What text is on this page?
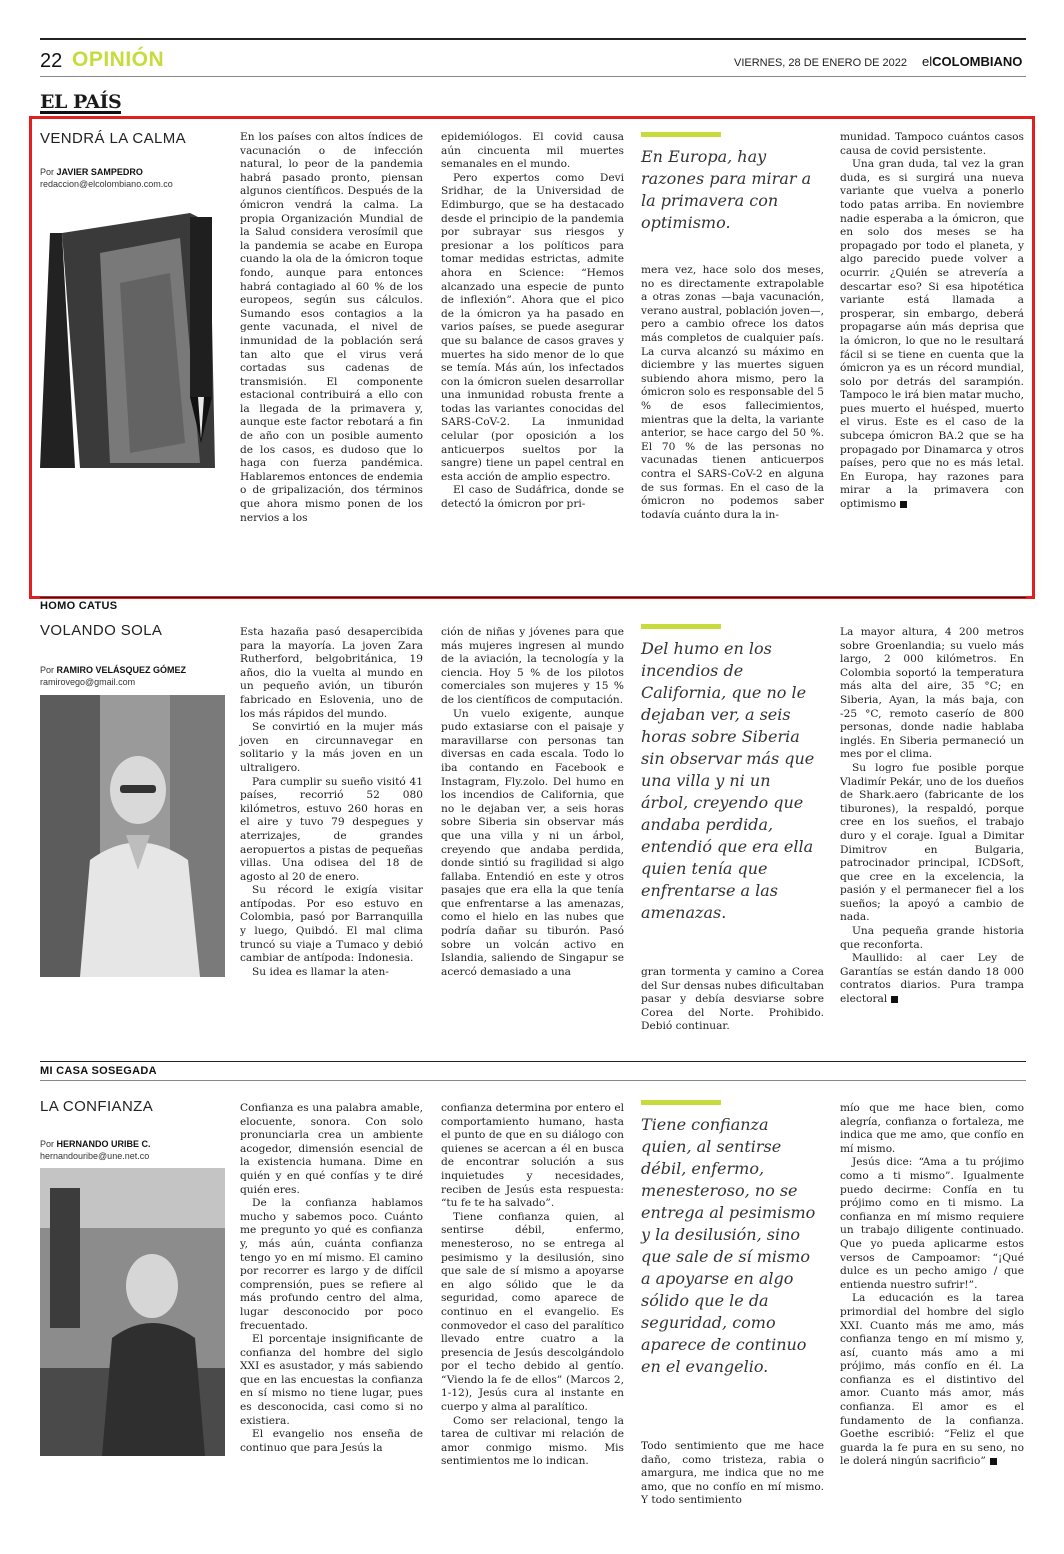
22 OPINIÓN	VIERNES, 28 DE ENERO DE 2022 elCOLOMBIANO
EL PAÍS
VENDRÁ LA CALMA
Por JAVIER SAMPEDRO
redaccion@elcolombiano.com.co

En los países con altos índices de vacunación o de infección natural, lo peor de la pandemia habrá pasado pronto, piensan algunos científicos. Después de la ómicron vendrá la calma. La propia Organización Mundial de la Salud considera verosímil que la pandemia se acabe en Europa cuando la ola de la ómicron toque fondo, aunque para entonces habrá contagiado al 60 % de los europeos, según sus cálculos. Sumando esos contagios a la gente vacunada, el nivel de inmunidad de la población será tan alto que el virus verá cortadas sus cadenas de transmisión. El componente estacional contribuirá a ello con la llegada de la primavera y, aunque este factor rebotará a fin de año con un posible aumento de los casos, es dudoso que lo haga con fuerza pandémica. Hablaremos entonces de endemia o de gripalización, dos términos que ahora mismo ponen de los nervios a los

epidemiólogos. El covid causa aún cincuenta mil muertes semanales en el mundo.

Pero expertos como Devi Sridhar, de la Universidad de Edimburgo, que se ha destacado desde el principio de la pandemia por subrayar sus riesgos y presionar a los políticos para tomar medidas estrictas, admite ahora en Science: “Hemos alcanzado una especie de punto de inflexión”. Ahora que el pico de la ómicron ya ha pasado en varios países, se puede asegurar que su balance de casos graves y muertes ha sido menor de lo que se temía. Más aún, los infectados con la ómicron suelen desarrollar una inmunidad robusta frente a todas las variantes conocidas del SARS-CoV-2. La inmunidad celular (por oposición a los anticuerpos sueltos por la sangre) tiene un papel central en esta acción de amplio espectro.

El caso de Sudáfrica, donde se detectó la ómicron por pri-

En Europa, hay razones para mirar a la primavera con optimismo.

mera vez, hace solo dos meses, no es directamente extrapolable a otras zonas —baja vacunación, verano austral, población joven—, pero a cambio ofrece los datos más completos de cualquier país. La curva alcanzó su máximo en diciembre y las muertes siguen subiendo ahora mismo, pero la ómicron solo es responsable del 5 % de esos fallecimientos, mientras que la delta, la variante anterior, se hace cargo del 50 %. El 70 % de las personas no vacunadas tienen anticuerpos contra el SARS-CoV-2 en alguna de sus formas. En el caso de la ómicron no podemos saber todavía cuánto dura la in-

munidad. Tampoco cuántos casos causa de covid persistente.

Una gran duda, tal vez la gran duda, es si surgirá una nueva variante que vuelva a ponerlo todo patas arriba. En noviembre nadie esperaba a la ómicron, que en solo dos meses se ha propagado por todo el planeta, y algo parecido puede volver a ocurrir. ¿Quién se atrevería a descartar eso? Si esa hipotética variante está llamada a prosperar, sin embargo, deberá propagarse aún más deprisa que la ómicron, lo que no le resultará fácil si se tiene en cuenta que la ómicron ya es un récord mundial, solo por detrás del sarampión. Tampoco le irá bien matar mucho, pues muerto el huésped, muerto el virus. Este es el caso de la subcepa ómicron BA.2 que se ha propagado por Dinamarca y otros países, pero que no es más letal. En Europa, hay razones para mirar a la primavera con optimismo

HOMO CATUS
VOLANDO SOLA
Por RAMIRO VELÁSQUEZ GÓMEZ
ramirovego@gmail.com

Esta hazaña pasó desapercibida para la mayoría. La joven Zara Rutherford, belgobritánica, 19 años, dio la vuelta al mundo en un pequeño avión, un tiburón fabricado en Eslovenia, uno de los más rápidos del mundo.

Se convirtió en la mujer más joven en circunnavegar en solitario y la más joven en un ultraligero.

Para cumplir su sueño visitó 41 países, recorrió 52 080 kilómetros, estuvo 260 horas en el aire y tuvo 79 despegues y aterrizajes, de grandes aeropuertos a pistas de pequeñas villas. Una odisea del 18 de agosto al 20 de enero.

Su récord le exigía visitar antípodas. Por eso estuvo en Colombia, pasó por Barranquilla y luego, Quibdó. El mal clima truncó su viaje a Tumaco y debió cambiar de antípoda: Indonesia.

Su idea es llamar la aten-

ción de niñas y jóvenes para que más mujeres ingresen al mundo de la aviación, la tecnología y la ciencia. Hoy 5 % de los pilotos comerciales son mujeres y 15 % de los científicos de computación.

Un vuelo exigente, aunque pudo extasiarse con el paisaje y maravillarse con personas tan diversas en cada escala. Todo lo iba contando en Facebook e Instagram, Fly.zolo. Del humo en los incendios de California, que no le dejaban ver, a seis horas sobre Siberia sin observar más que una villa y ni un árbol, creyendo que andaba perdida, donde sintió su fragilidad si algo fallaba. Entendió en este y otros pasajes que era ella la que tenía que enfrentarse a las amenazas, como el hielo en las nubes que podría dañar su tiburón. Pasó sobre un volcán activo en Islandia, saliendo de Singapur se acercó demasiado a una

Del humo en los incendios de California, que no le dejaban ver, a seis horas sobre Siberia sin observar más que una villa y ni un árbol, creyendo que andaba perdida, entendió que era ella quien tenía que enfrentarse a las amenazas.

gran tormenta y camino a Corea del Sur densas nubes dificultaban pasar y debía desviarse sobre Corea del Norte. Prohibido. Debió continuar.

La mayor altura, 4 200 metros sobre Groenlandia; su vuelo más largo, 2 000 kilómetros. En Colombia soportó la temperatura más alta del aire, 35 °C; en Siberia, Ayan, la más baja, con -25 °C, remoto caserío de 800 personas, donde nadie hablaba inglés. En Siberia permaneció un mes por el clima.

Su logro fue posible porque Vladimír Pekár, uno de los dueños de Shark.aero (fabricante de los tiburones), la respaldó, porque cree en los sueños, el trabajo duro y el coraje. Igual a Dimitar Dimitrov en Bulgaria, patrocinador principal, ICDSoft, que cree en la excelencia, la pasión y el permanecer fiel a los sueños; la apoyó a cambio de nada.

Una pequeña grande historia que reconforta.

Maullido: al caer Ley de Garantías se están dando 18 000 contratos diarios. Pura trampa electoral

MI CASA SOSEGADA
LA CONFIANZA
Por HERNANDO URIBE C.
hernandouribe@une.net.co

Confianza es una palabra amable, elocuente, sonora. Con solo pronunciarla crea un ambiente acogedor, dimensión esencial de la existencia humana. Dime en quién y en qué confías y te diré quién eres.

De la confianza hablamos mucho y sabemos poco. Cuánto me pregunto yo qué es confianza y, más aún, cuánta confianza tengo yo en mí mismo. El camino por recorrer es largo y de difícil comprensión, pues se refiere al más profundo centro del alma, lugar desconocido por poco frecuentado.

El porcentaje insignificante de confianza del hombre del siglo XXI es asustador, y más sabiendo que en las encuestas la confianza en sí mismo no tiene lugar, pues es desconocida, casi como si no existiera.

El evangelio nos enseña de continuo que para Jesús la

confianza determina por entero el comportamiento humano, hasta el punto de que en su diálogo con quienes se acercan a él en busca de encontrar solución a sus inquietudes y necesidades, reciben de Jesús esta respuesta: “tu fe te ha salvado”.

Tiene confianza quien, al sentirse débil, enfermo, menesteroso, no se entrega al pesimismo y la desilusión, sino que sale de sí mismo a apoyarse en algo sólido que le da seguridad, como aparece de continuo en el evangelio. Es conmovedor el caso del paralítico llevado entre cuatro a la presencia de Jesús descolgándolo por el techo debido al gentío. “Viendo la fe de ellos” (Marcos 2, 1-12), Jesús cura al instante en cuerpo y alma al paralítico.

Como ser relacional, tengo la tarea de cultivar mi relación de amor conmigo mismo. Mis sentimientos me lo indican.

Tiene confianza quien, al sentirse débil, enfermo, menesteroso, no se entrega al pesimismo y la desilusión, sino que sale de sí mismo a apoyarse en algo sólido que le da seguridad, como aparece de continuo en el evangelio.

Todo sentimiento que me hace daño, como tristeza, rabia o amargura, me indica que no me amo, que no confío en mí mismo. Y todo sentimiento

mío que me hace bien, como alegría, confianza o fortaleza, me indica que me amo, que confío en mí mismo.

Jesús dice: “Ama a tu prójimo como a ti mismo”. Igualmente puedo decirme: Confía en tu prójimo como en ti mismo. La confianza en mí mismo requiere un trabajo diligente continuado. Que yo pueda aplicarme estos versos de Campoamor: “¡Qué dulce es un pecho amigo / que entienda nuestro sufrir!”.

La educación es la tarea primordial del hombre del siglo XXI. Cuanto más me amo, más confianza tengo en mí mismo y, así, cuanto más amo a mi prójimo, más confío en él. La confianza es el distintivo del amor. Cuanto más amor, más confianza. El amor es el fundamento de la confianza. Goethe escribió: “Feliz el que guarda la fe pura en su seno, no le dolerá ningún sacrificio”
